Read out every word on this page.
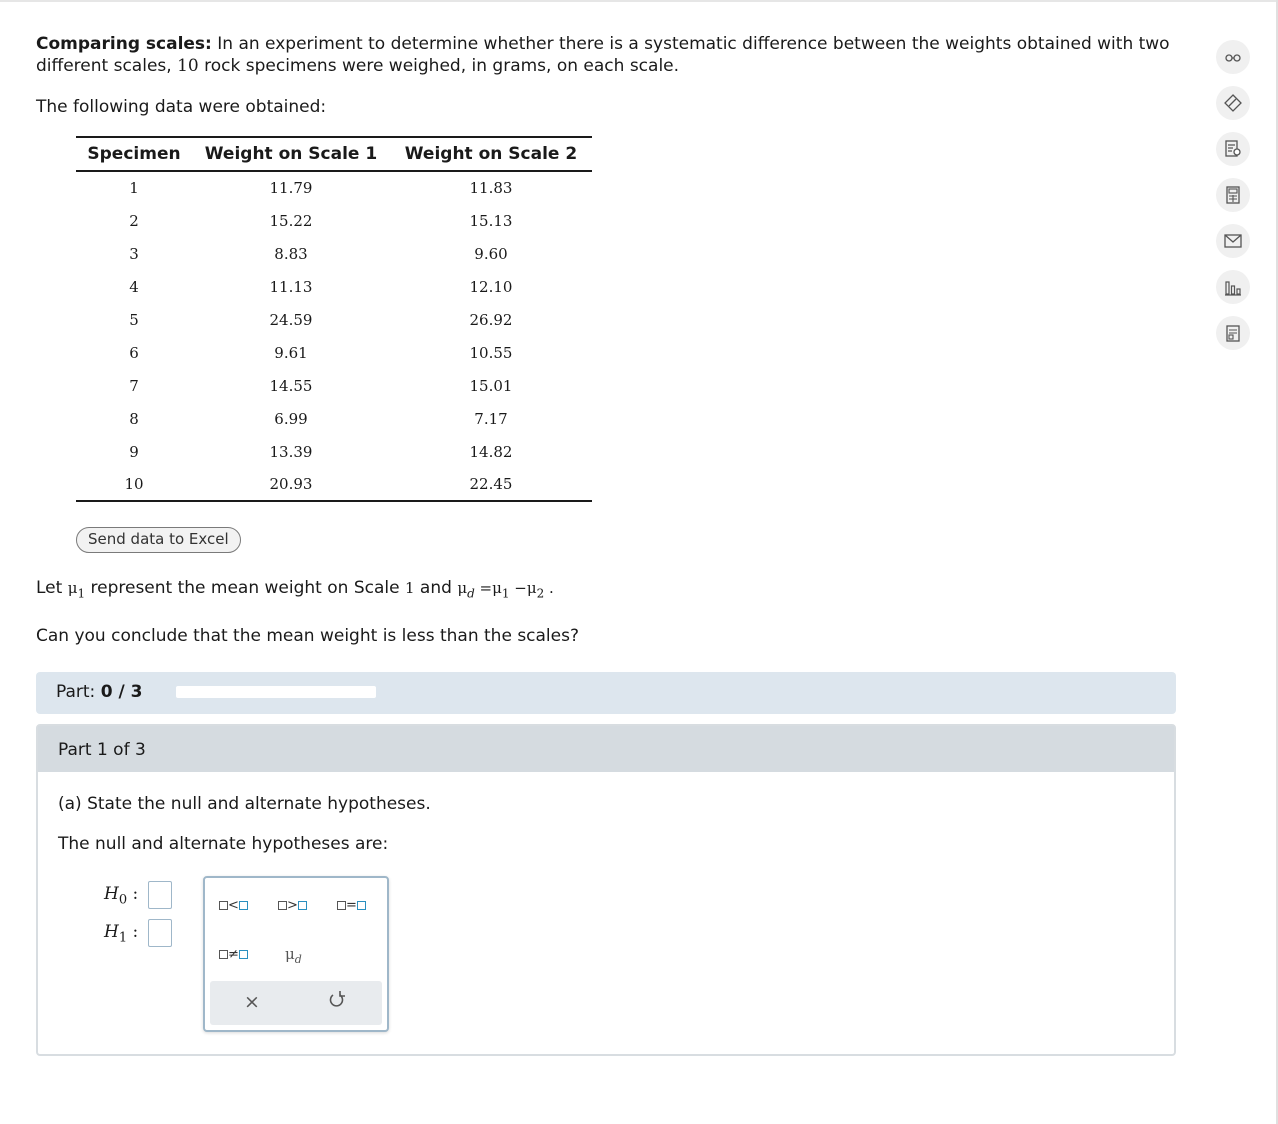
Comparing scales: In an experiment to determine whether there is a systematic difference between the weights obtained with two different scales, 10 rock specimens were weighed, in grams, on each scale.
The following data were obtained:
Specimen	Weight on Scale 1	Weight on Scale 2
1	11.79	11.83
2	15.22	15.13
3	8.83	9.60
4	11.13	12.10
5	24.59	26.92
6	9.61	10.55
7	14.55	15.01
8	6.99	7.17
9	13.39	14.82
10	20.93	22.45
Send data to Excel
Let $\mu_1$ represent the mean weight on Scale 1 and $\mu_d =\mu_1 -\mu_2$ .
Can you conclude that the mean weight is less than the scales?
Part: 0 / 3
Part 1 of 3
(a) State the null and alternate hypotheses.
The null and alternate hypotheses are:
$H_0$ :
$H_1$ :
<	>	=
≠	$\mu_d$
×
